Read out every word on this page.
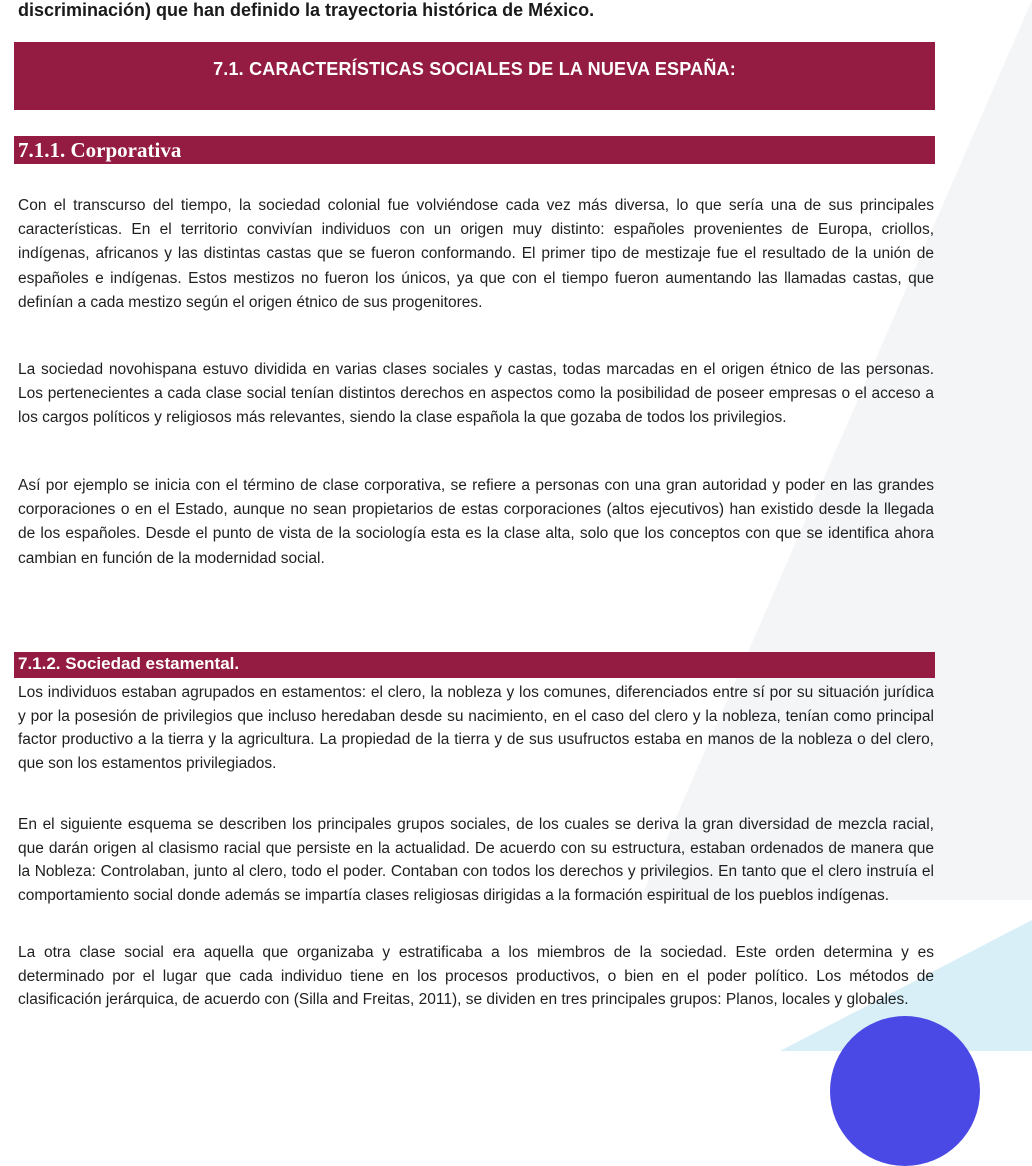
discriminación) que han definido la trayectoria histórica de México.
7.1. CARACTERÍSTICAS SOCIALES DE LA NUEVA ESPAÑA:
7.1.1. Corporativa

Con el transcurso del tiempo, la sociedad colonial fue volviéndose cada vez más diversa, lo que sería una de sus principales características. En el territorio convivían individuos con un origen muy distinto: españoles provenientes de Europa, criollos, indígenas, africanos y las distintas castas que se fueron conformando. El primer tipo de mestizaje fue el resultado de la unión de españoles e indígenas. Estos mestizos no fueron los únicos, ya que con el tiempo fueron aumentando las llamadas castas, que definían a cada mestizo según el origen étnico de sus progenitores.

La sociedad novohispana estuvo dividida en varias clases sociales y castas, todas marcadas en el origen étnico de las personas. Los pertenecientes a cada clase social tenían distintos derechos en aspectos como la posibilidad de poseer empresas o el acceso a los cargos políticos y religiosos más relevantes, siendo la clase española la que gozaba de todos los privilegios.

Así por ejemplo se inicia con el término de clase corporativa, se refiere a personas con una gran autoridad y poder en las grandes corporaciones o en el Estado, aunque no sean propietarios de estas corporaciones (altos ejecutivos) han existido desde la llegada de los españoles. Desde el punto de vista de la sociología esta es la clase alta, solo que los conceptos con que se identifica ahora cambian en función de la modernidad social.

7.1.2. Sociedad estamental.

Los individuos estaban agrupados en estamentos: el clero, la nobleza y los comunes, diferenciados entre sí por su situación jurídica y por la posesión de privilegios que incluso heredaban desde su nacimiento, en el caso del clero y la nobleza, tenían como principal factor productivo a la tierra y la agricultura. La propiedad de la tierra y de sus usufructos estaba en manos de la nobleza o del clero, que son los estamentos privilegiados.

En el siguiente esquema se describen los principales grupos sociales, de los cuales se deriva la gran diversidad de mezcla racial, que darán origen al clasismo racial que persiste en la actualidad. De acuerdo con su estructura, estaban ordenados de manera que la Nobleza: Controlaban, junto al clero, todo el poder. Contaban con todos los derechos y privilegios. En tanto que el clero instruía el comportamiento social donde además se impartía clases religiosas dirigidas a la formación espiritual de los pueblos indígenas.

La otra clase social era aquella que organizaba y estratificaba a los miembros de la sociedad. Este orden determina y es determinado por el lugar que cada individuo tiene en los procesos productivos, o bien en el poder político. Los métodos de clasificación jerárquica, de acuerdo con (Silla and Freitas, 2011), se dividen en tres principales grupos: Planos, locales y globales.
